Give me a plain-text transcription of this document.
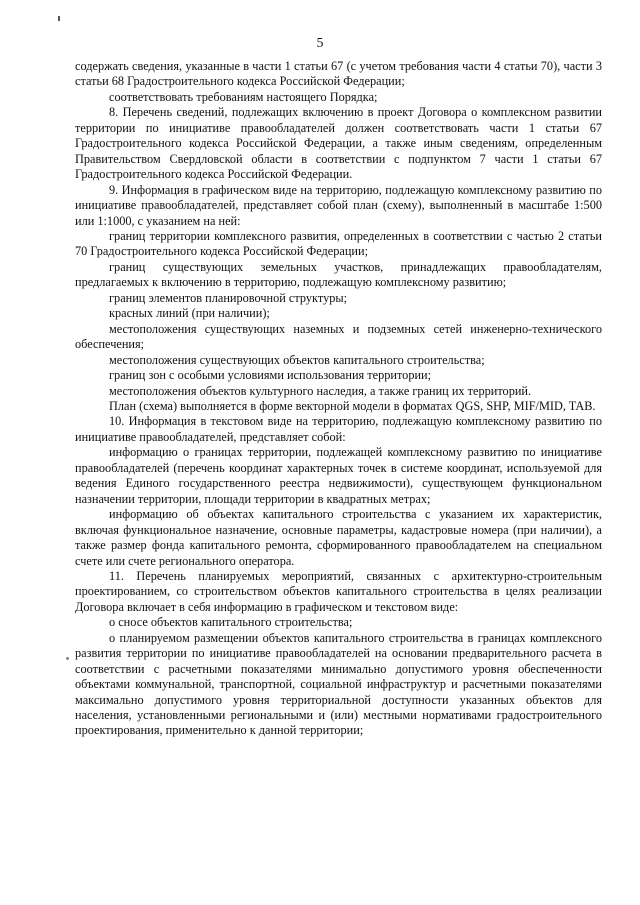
5

содержать сведения, указанные в части 1 статьи 67 (с учетом требования части 4 статьи 70), части 3 статьи 68 Градостроительного кодекса Российской Федерации;

соответствовать требованиям настоящего Порядка;

8. Перечень сведений, подлежащих включению в проект Договора о комплексном развитии территории по инициативе правообладателей должен соответствовать части 1 статьи 67 Градостроительного кодекса Российской Федерации, а также иным сведениям, определенным Правительством Свердловской области в соответствии с подпунктом 7 части 1 статьи 67 Градостроительного кодекса Российской Федерации.

9. Информация в графическом виде на территорию, подлежащую комплексному развитию по инициативе правообладателей, представляет собой план (схему), выполненный в масштабе 1:500 или 1:1000, с указанием на ней:

границ территории комплексного развития, определенных в соответствии с частью 2 статьи 70 Градостроительного кодекса Российской Федерации;

границ существующих земельных участков, принадлежащих правообладателям, предлагаемых к включению в территорию, подлежащую комплексному развитию;

границ элементов планировочной структуры;

красных линий (при наличии);

местоположения существующих наземных и подземных сетей инженерно-технического обеспечения;

местоположения существующих объектов капитального строительства;

границ зон с особыми условиями использования территории;

местоположения объектов культурного наследия, а также границ их территорий.

План (схема) выполняется в форме векторной модели в форматах QGS, SHP, MIF/MID, TAB.

10. Информация в текстовом виде на территорию, подлежащую комплексному развитию по инициативе правообладателей, представляет собой:

информацию о границах территории, подлежащей комплексному развитию по инициативе правообладателей (перечень координат характерных точек в системе координат, используемой для ведения Единого государственного реестра недвижимости), существующем функциональном назначении территории, площади территории в квадратных метрах;

информацию об объектах капитального строительства с указанием их характеристик, включая функциональное назначение, основные параметры, кадастровые номера (при наличии), а также размер фонда капитального ремонта, сформированного правообладателем на специальном счете или счете регионального оператора.

11. Перечень планируемых мероприятий, связанных с архитектурно-строительным проектированием, со строительством объектов капитального строительства в целях реализации Договора включает в себя информацию в графическом и текстовом виде:

о сносе объектов капитального строительства;

о планируемом размещении объектов капитального строительства в границах комплексного развития территории по инициативе правообладателей на основании предварительного расчета в соответствии с расчетными показателями минимально допустимого уровня обеспеченности объектами коммунальной, транспортной, социальной инфраструктур и расчетными показателями максимально допустимого уровня территориальной доступности указанных объектов для населения, установленными региональными и (или) местными нормативами градостроительного проектирования, применительно к данной территории;
